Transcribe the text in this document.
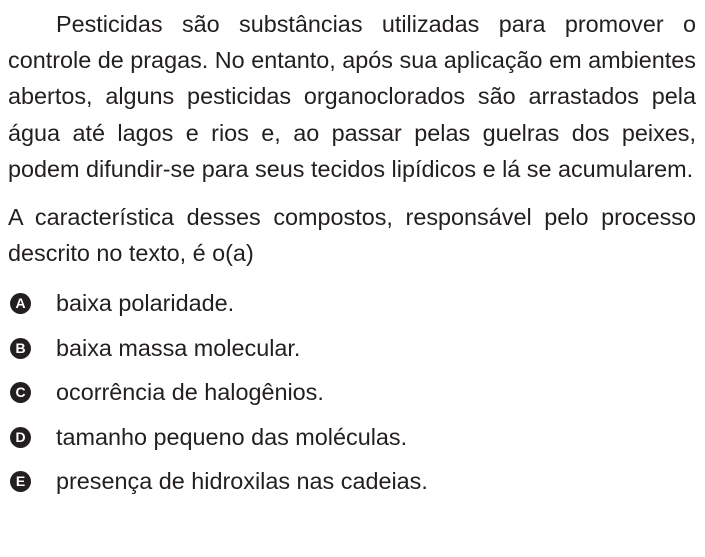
Pesticidas são substâncias utilizadas para promover o controle de pragas. No entanto, após sua aplicação em ambientes abertos, alguns pesticidas organoclorados são arrastados pela água até lagos e rios e, ao passar pelas guelras dos peixes, podem difundir-se para seus tecidos lipídicos e lá se acumularem.

A característica desses compostos, responsável pelo processo descrito no texto, é o(a)

A baixa polaridade.
B baixa massa molecular.
C ocorrência de halogênios.
D tamanho pequeno das moléculas.
E presença de hidroxilas nas cadeias.
